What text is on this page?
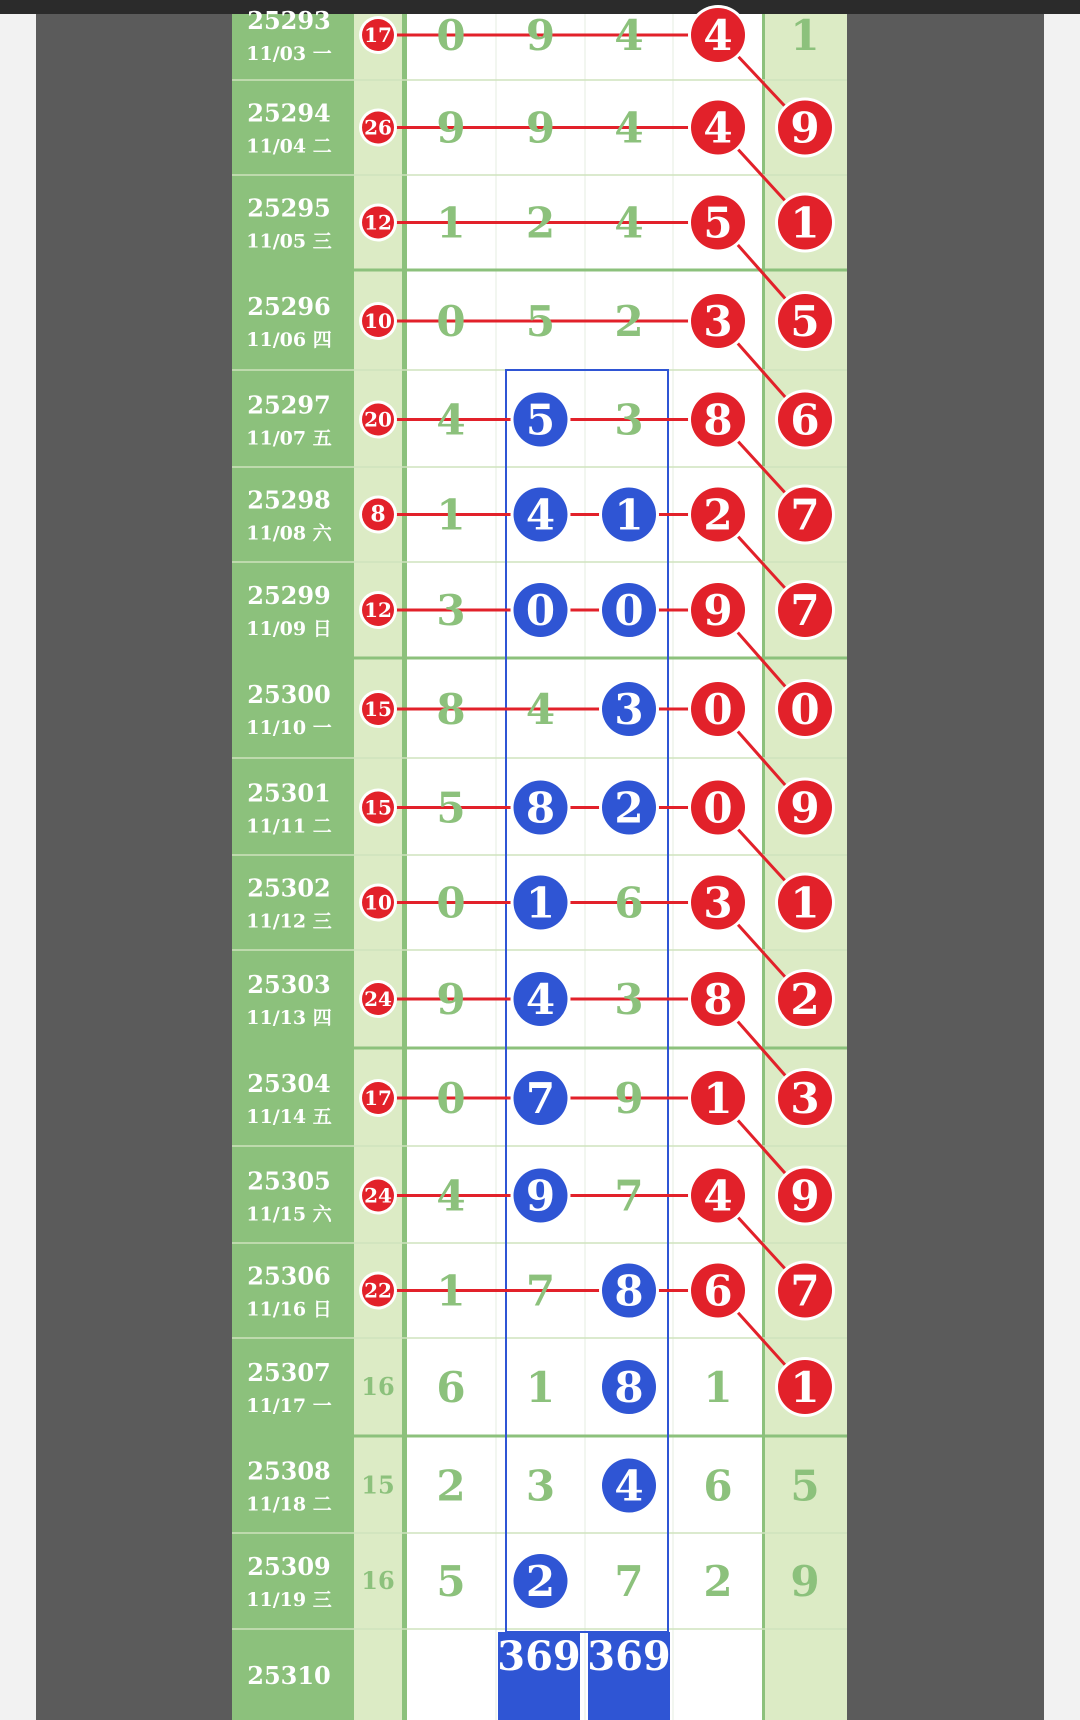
25293
11/03 一
17 0 9 4 4 1
25294
11/04 二
26 9 9 4 4 9
25295
11/05 三
12 1 2 4 5 1
25296
11/06 四
10 0 5 2 3 5
25297
11/07 五
20 4 5 3 8 6
25298
11/08 六
8 1 4 1 2 7
25299
11/09 日
12 3 0 0 9 7
25300
11/10 一
15 8 4 3 0 0
25301
11/11 二
15 5 8 2 0 9
25302
11/12 三
10 0 1 6 3 1
25303
11/13 四
24 9 4 3 8 2
25304
11/14 五
17 0 7 9 1 3
25305
11/15 六
24 4 9 7 4 9
25306
11/16 日
22 1 7 8 6 7
25307
11/17 一
16 6 1 8 1 1
25308
11/18 二
15 2 3 4 6 5
25309
11/19 三
16 5 2 7 2 9
25310	369 369
